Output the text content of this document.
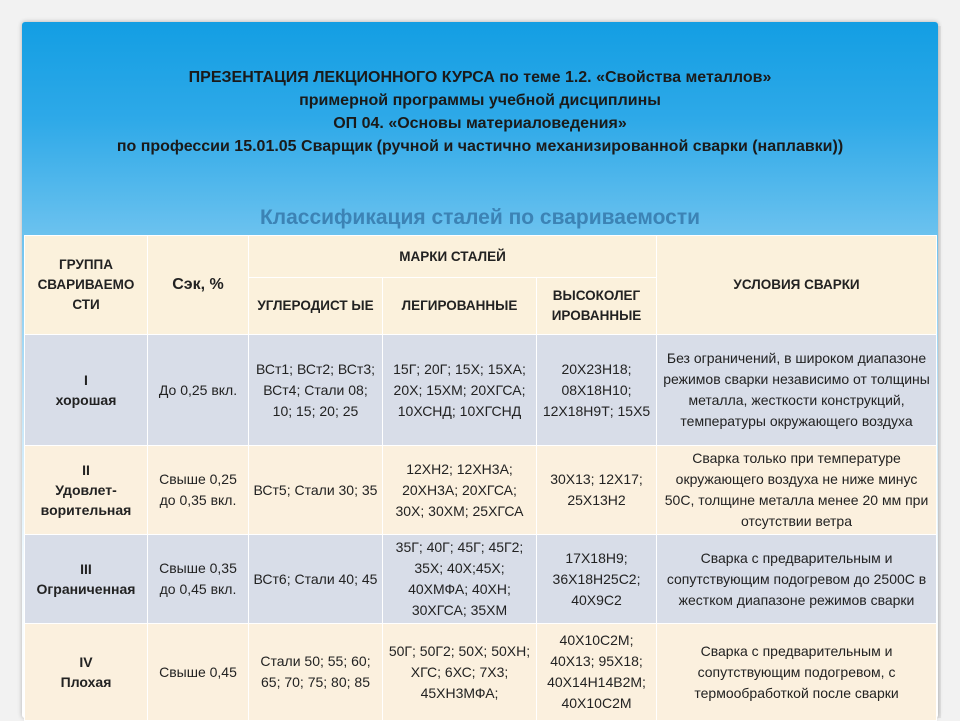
ПРЕЗЕНТАЦИЯ ЛЕКЦИОННОГО КУРСА по теме 1.2. «Свойства металлов»
примерной программы учебной дисциплины
ОП 04. «Основы материаловедения»
по профессии 15.01.05 Сварщик (ручной и частично механизированной сварки (наплавки))
Классификация сталей по свариваемости
ГРУППА СВАРИВАЕМО СТИ	Сэк, %	МАРКИ СТАЛЕЙ			УСЛОВИЯ СВАРКИ
		УГЛЕРОДИСТ ЫЕ	ЛЕГИРОВАННЫЕ	ВЫСОКОЛЕГ ИРОВАННЫЕ	

I
хорошая	До 0,25 вкл.	ВСт1; ВСт2; ВСт3; ВСт4; Стали 08; 10; 15; 20; 25	15Г; 20Г; 15Х; 15ХА; 20Х; 15ХМ; 20ХГСА; 10ХСНД; 10ХГСНД	20Х23Н18; 08Х18Н10; 12Х18Н9Т; 15Х5	Без ограничений, в широком диапазоне режимов сварки независимо от толщины металла, жесткости конструкций, температуры окружающего воздуха

II
Удовлет-
ворительная	Свыше 0,25 до 0,35 вкл.	ВСт5; Стали 30; 35	12ХН2; 12ХН3А; 20ХН3А; 20ХГСА; 30Х; 30ХМ; 25ХГСА	30Х13; 12Х17; 25Х13Н2	Сварка только при температуре окружающего воздуха не ниже минус 50С, толщине металла менее 20 мм при отсутствии ветра

III
Ограниченная	Свыше 0,35 до 0,45 вкл.	ВСт6; Стали 40; 45	35Г; 40Г; 45Г; 45Г2; 35Х; 40Х;45Х; 40ХМФА; 40ХН; 30ХГСА; 35ХМ	17Х18Н9; 36Х18Н25С2; 40Х9С2	Сварка с предварительным и сопутствующим подогревом до 2500С в жестком диапазоне режимов сварки

IV
Плохая	Свыше 0,45	Стали 50; 55; 60; 65; 70; 75; 80; 85	50Г; 50Г2; 50Х; 50ХН; ХГС; 6ХС; 7Х3; 45ХН3МФА;	40Х10С2М; 40Х13; 95Х18; 40Х14Н14В2М; 40Х10С2М	Сварка с предварительным и сопутствующим подогревом, с термообработкой после сварки
